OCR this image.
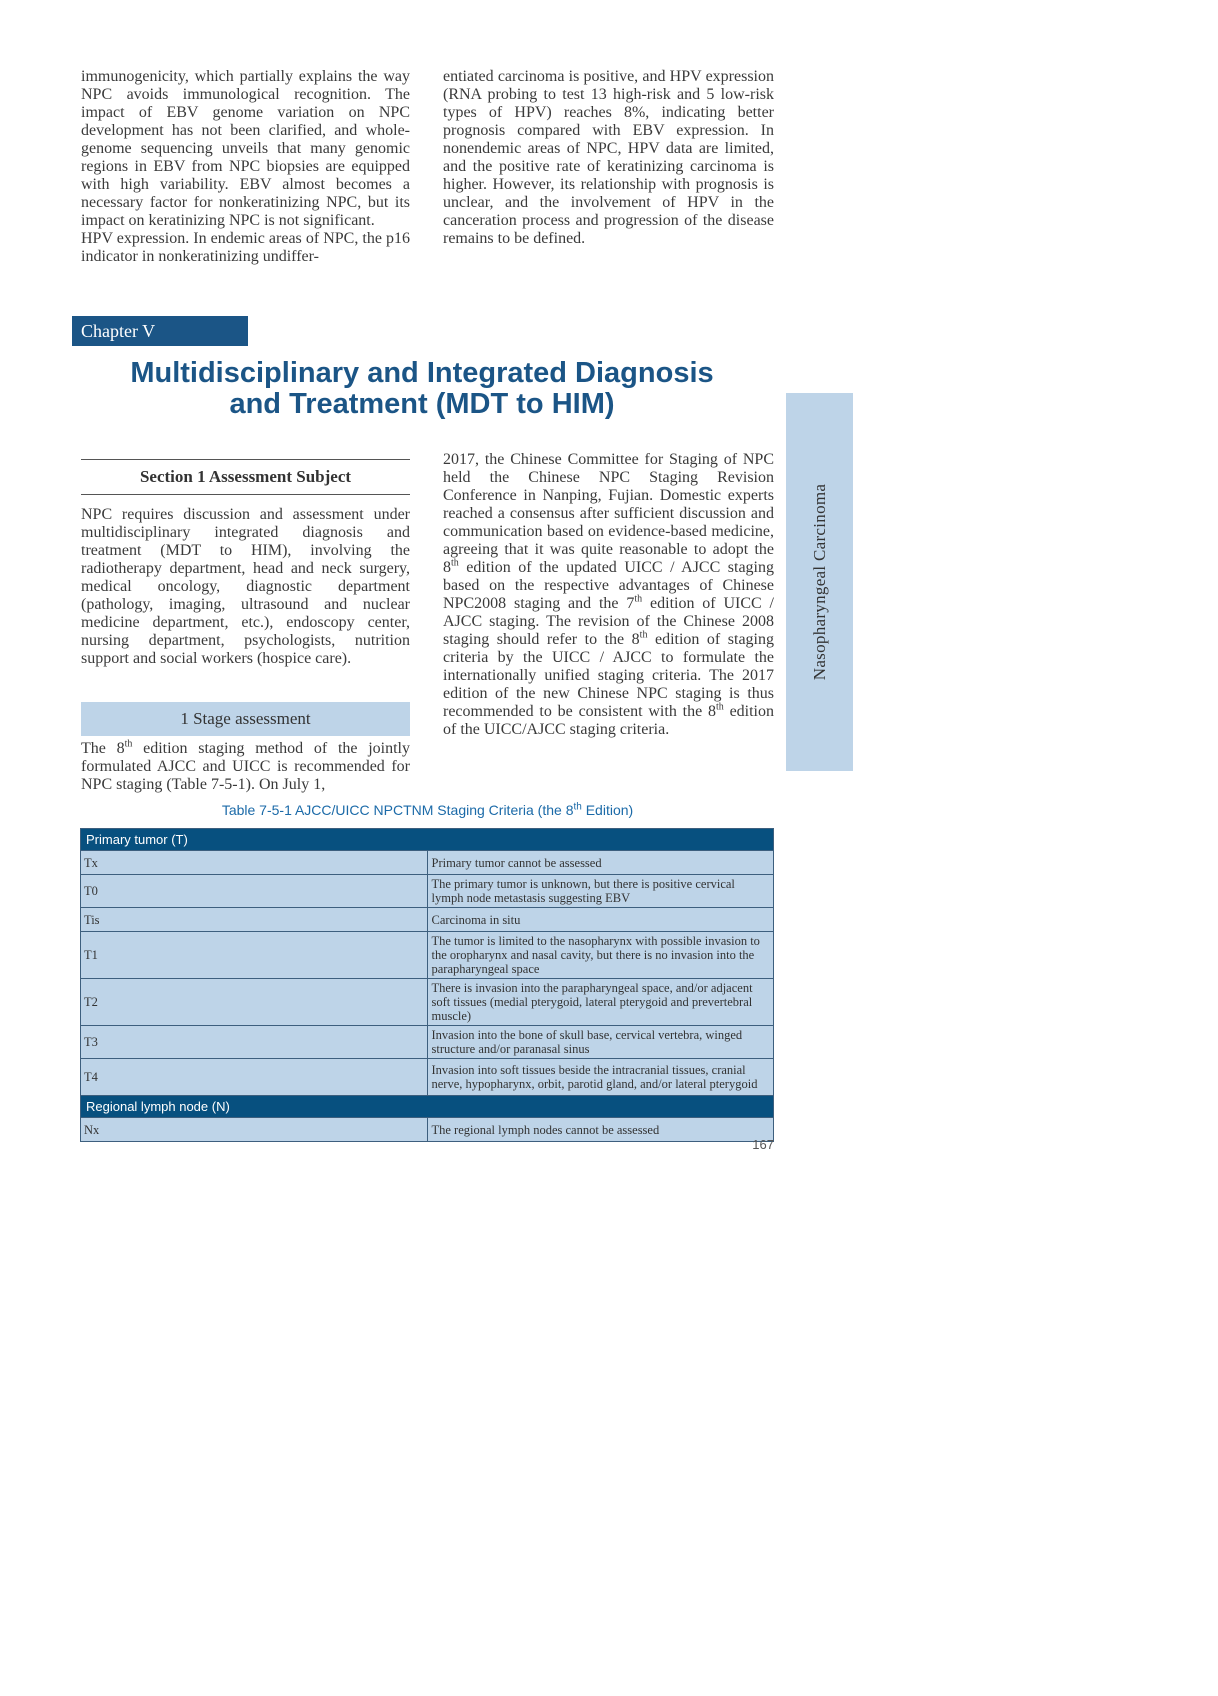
immunogenicity, which partially explains the way NPC avoids immunological recognition. The impact of EBV genome variation on NPC development has not been clarified, and whole-genome sequencing unveils that many genomic regions in EBV from NPC biopsies are equipped with high variability. EBV almost becomes a necessary factor for nonkeratinizing NPC, but its impact on keratinizing NPC is not significant.

HPV expression. In endemic areas of NPC, the p16 indicator in nonkeratinizing undiffer-

entiated carcinoma is positive, and HPV expression (RNA probing to test 13 high-risk and 5 low-risk types of HPV) reaches 8%, indicating better prognosis compared with EBV expression. In nonendemic areas of NPC, HPV data are limited, and the positive rate of keratinizing carcinoma is higher. However, its relationship with prognosis is unclear, and the involvement of HPV in the canceration process and progression of the disease remains to be defined.

Chapter V
Multidisciplinary and Integrated Diagnosis
and Treatment (MDT to HIM)
Nasopharyngeal Carcinoma
Section 1 Assessment Subject

NPC requires discussion and assessment under multidisciplinary integrated diagnosis and treatment (MDT to HIM), involving the radiotherapy department, head and neck surgery, medical oncology, diagnostic department (pathology, imaging, ultrasound and nuclear medicine department, etc.), endoscopy center, nursing department, psychologists, nutrition support and social workers (hospice care).

1 Stage assessment

The 8th edition staging method of the jointly formulated AJCC and UICC is recommended for NPC staging (Table 7-5-1). On July 1,

2017, the Chinese Committee for Staging of NPC held the Chinese NPC Staging Revision Conference in Nanping, Fujian. Domestic experts reached a consensus after sufficient discussion and communication based on evidence-based medicine, agreeing that it was quite reasonable to adopt the 8th edition of the updated UICC / AJCC staging based on the respective advantages of Chinese NPC2008 staging and the 7th edition of UICC / AJCC staging. The revision of the Chinese 2008 staging should refer to the 8th edition of staging criteria by the UICC / AJCC to formulate the internationally unified staging criteria. The 2017 edition of the new Chinese NPC staging is thus recommended to be consistent with the 8th edition of the UICC/AJCC staging criteria.

Table 7-5-1 AJCC/UICC NPCTNM Staging Criteria (the 8th Edition)
Primary tumor (T)	
Tx	Primary tumor cannot be assessed
T0	The primary tumor is unknown, but there is positive cervical lymph node metastasis suggesting EBV
Tis	Carcinoma in situ
T1	The tumor is limited to the nasopharynx with possible invasion to the oropharynx and nasal cavity, but there is no invasion into the parapharyngeal space
T2	There is invasion into the parapharyngeal space, and/or adjacent soft tissues (medial pterygoid, lateral pterygoid and prevertebral muscle)
T3	Invasion into the bone of skull base, cervical vertebra, winged structure and/or paranasal sinus
T4	Invasion into soft tissues beside the intracranial tissues, cranial nerve, hypopharynx, orbit, parotid gland, and/or lateral pterygoid
Regional lymph node (N)	
Nx	The regional lymph nodes cannot be assessed
167
